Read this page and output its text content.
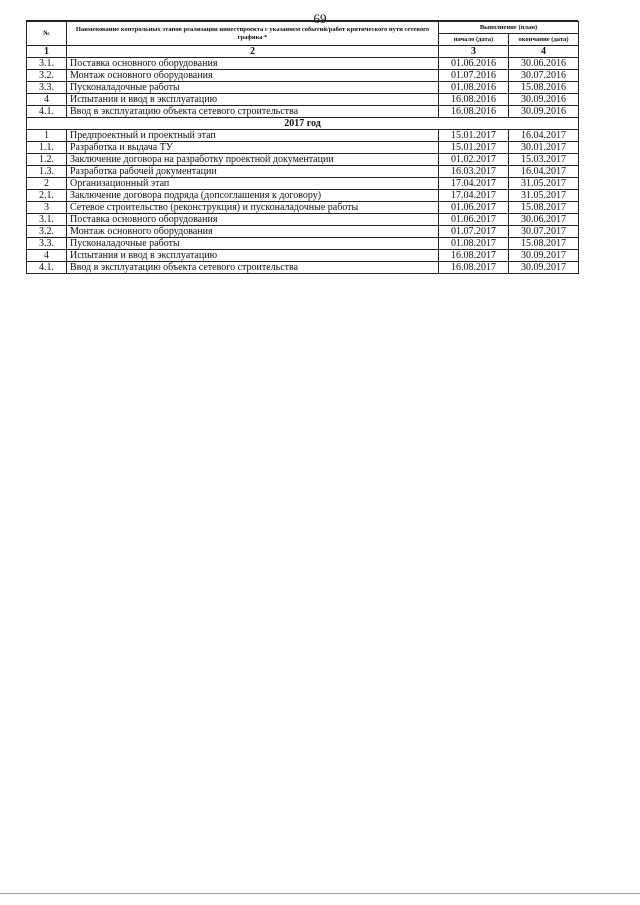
69
№	Наименование контрольных этапов реализации инвестпроекта с указанием событий/работ критического пути сетевого графика *	Выполнение (план)	
		начало (дата)	окончание (дата)
1	2	3	4
3.1.	Поставка основного оборудования	01.06.2016	30.06.2016
3.2.	Монтаж основного оборудования	01.07.2016	30.07.2016
3.3.	Пусконаладочные работы	01.08.2016	15.08.2016
4	Испытания и ввод в эксплуатацию	16.08.2016	30.09.2016
4.1.	Ввод в эксплуатацию объекта сетевого строительства	16.08.2016	30.09.2016
2017 год			
1	Предпроектный и проектный этап	15.01.2017	16.04.2017
1.1.	Разработка и выдача ТУ	15.01.2017	30.01.2017
1.2.	Заключение договора на разработку проектной документации	01.02.2017	15.03.2017
1.3.	Разработка рабочей документации	16.03.2017	16.04.2017
2	Организационный этап	17.04.2017	31.05.2017
2.1.	Заключение договора подряда (допсоглашения к договору)	17.04.2017	31.05.2017
3	Сетевое строительство (реконструкция) и пусконаладочные работы	01.06.2017	15.08.2017
3.1.	Поставка основного оборудования	01.06.2017	30.06.2017
3.2.	Монтаж основного оборудования	01.07.2017	30.07.2017
3.3.	Пусконаладочные работы	01.08.2017	15.08.2017
4	Испытания и ввод в эксплуатацию	16.08.2017	30.09.2017
4.1.	Ввод в эксплуатацию объекта сетевого строительства	16.08.2017	30.09.2017
